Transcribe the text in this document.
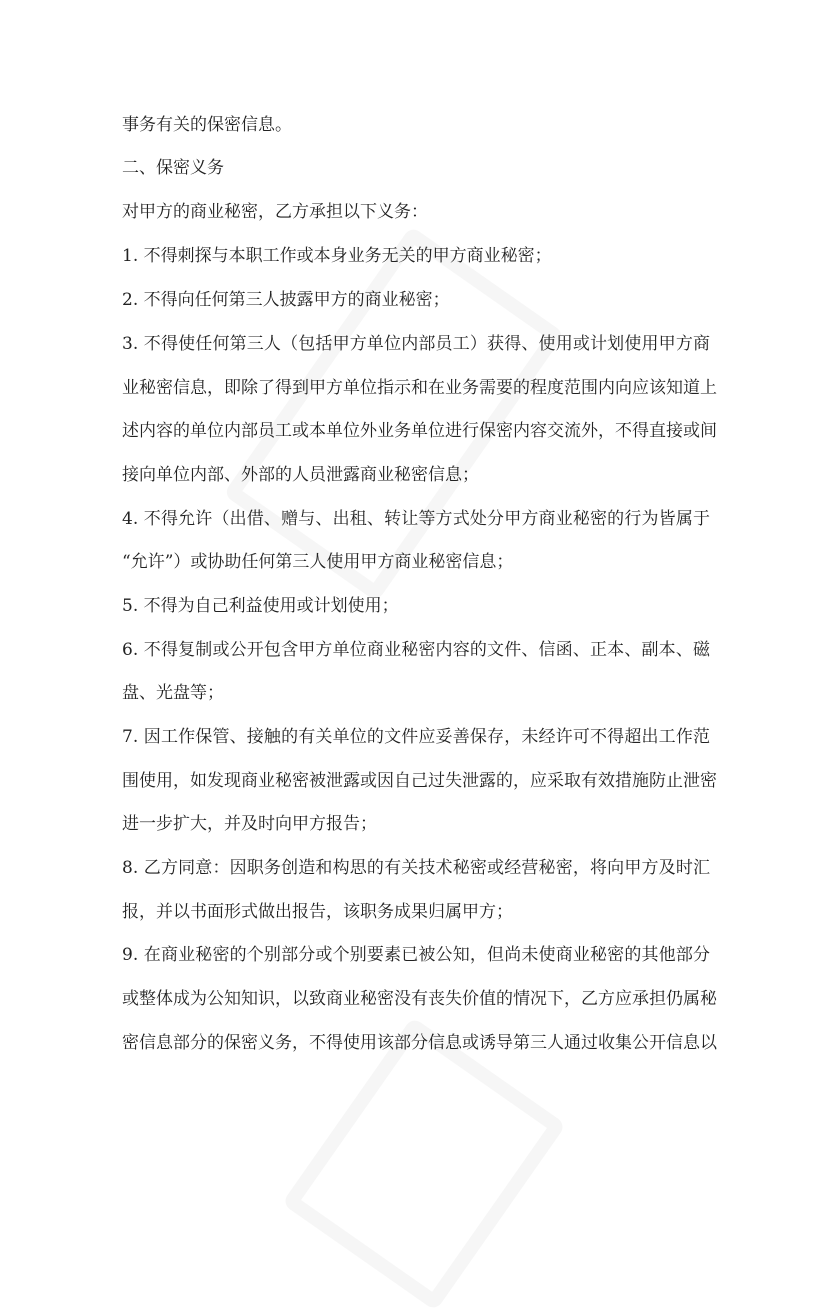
事务有关的保密信息。
二、保密义务
对甲方的商业秘密，乙方承担以下义务：
1. 不得刺探与本职工作或本身业务无关的甲方商业秘密；
2. 不得向任何第三人披露甲方的商业秘密；
3. 不得使任何第三人（包括甲方单位内部员工）获得、使用或计划使用甲方商
业秘密信息，即除了得到甲方单位指示和在业务需要的程度范围内向应该知道上
述内容的单位内部员工或本单位外业务单位进行保密内容交流外，不得直接或间
接向单位内部、外部的人员泄露商业秘密信息；
4. 不得允许（出借、赠与、出租、转让等方式处分甲方商业秘密的行为皆属于
“允许”）或协助任何第三人使用甲方商业秘密信息；
5. 不得为自己利益使用或计划使用；
6. 不得复制或公开包含甲方单位商业秘密内容的文件、信函、正本、副本、磁
盘、光盘等；
7. 因工作保管、接触的有关单位的文件应妥善保存，未经许可不得超出工作范
围使用，如发现商业秘密被泄露或因自己过失泄露的，应采取有效措施防止泄密
进一步扩大，并及时向甲方报告；
8. 乙方同意：因职务创造和构思的有关技术秘密或经营秘密，将向甲方及时汇
报，并以书面形式做出报告，该职务成果归属甲方；
9. 在商业秘密的个别部分或个别要素已被公知，但尚未使商业秘密的其他部分
或整体成为公知知识，以致商业秘密没有丧失价值的情况下，乙方应承担仍属秘
密信息部分的保密义务，不得使用该部分信息或诱导第三人通过收集公开信息以
